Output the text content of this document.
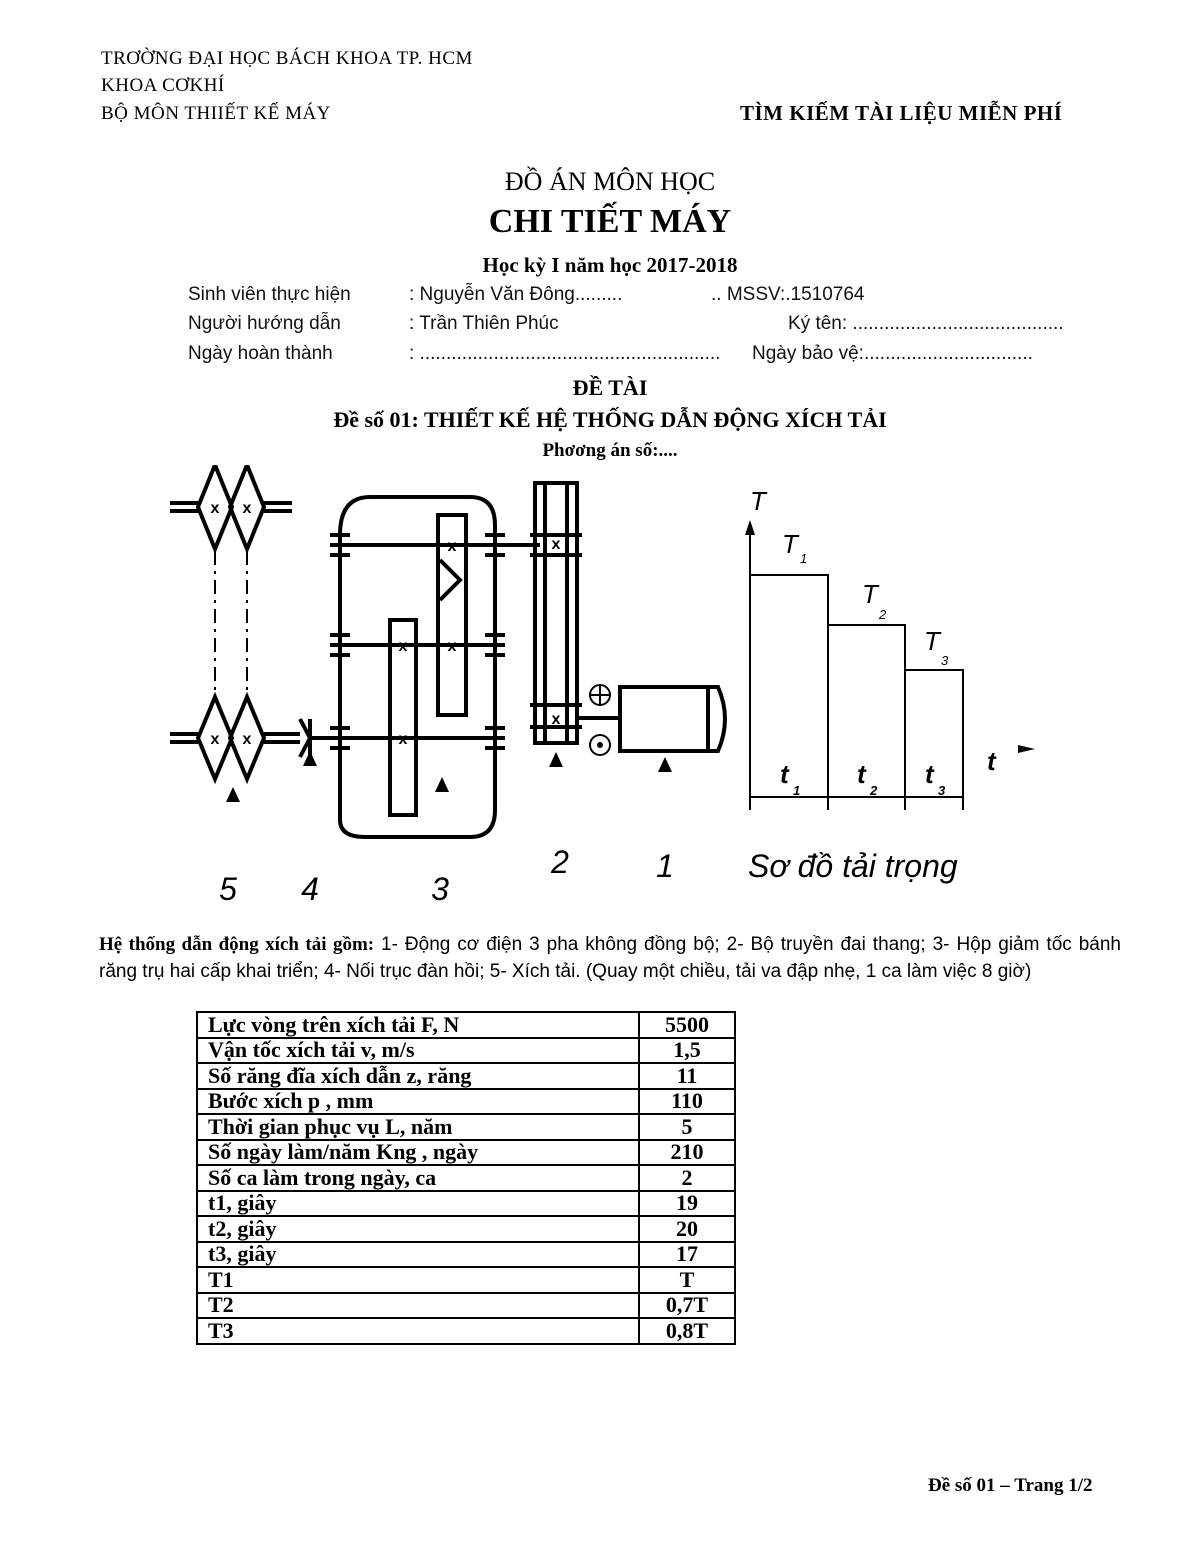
TRƠỜNG ĐẠI HỌC BÁCH KHOA TP. HCM
KHOA CƠKHÍ
BỘ MÔN THIIẾT KẾ MÁY	TÌM KIẾM TÀI LIỆU MIỄN PHÍ
ĐỒ ÁN MÔN HỌC
CHI TIẾT MÁY
Học kỳ I năm học 2017-2018
Sinh viên thực hiện	: Nguyễn Văn Đông.........	.. MSSV:.1510764
Người hướng dẫn	: Trần Thiên Phúc	Ký tên: ........................................
Ngày hoàn thành	: ......................................................... Ngày bảo vệ:................................
ĐỀ TÀI
Đề số 01: THIẾT KẾ HỆ THỐNG DẪN ĐỘNG XÍCH TẢI
Phơơng án số:....
x x
x x
x
x
x
x
x
x
5 4	3
2	1 Sơ đồ tải trọng
T
t
T
T
T
t	t t
1
2
3
1	2	3
Hệ thống dẫn động xích tải gồm: 1- Động cơ điện 3 pha không đồng bộ; 2- Bộ truyền đai thang; 3- Hộp giảm tốc bánh răng trụ hai cấp khai triển; 4- Nối trục đàn hồi; 5- Xích tải. (Quay một chiều, tải va đập nhẹ, 1 ca làm việc 8 giờ)
Lực vòng trên xích tải F, N	5500
Vận tốc xích tải v, m/s	1,5
Số răng đĩa xích dẫn z, răng	11
Bước xích p , mm	110
Thời gian phục vụ L, năm	5
Số ngày làm/năm Kng , ngày	210
Số ca làm trong ngày, ca	2
t1, giây	19
t2, giây	20
t3, giây	17
T1	T
T2	0,7T
T3	0,8T
Đề số 01 – Trang 1/2
